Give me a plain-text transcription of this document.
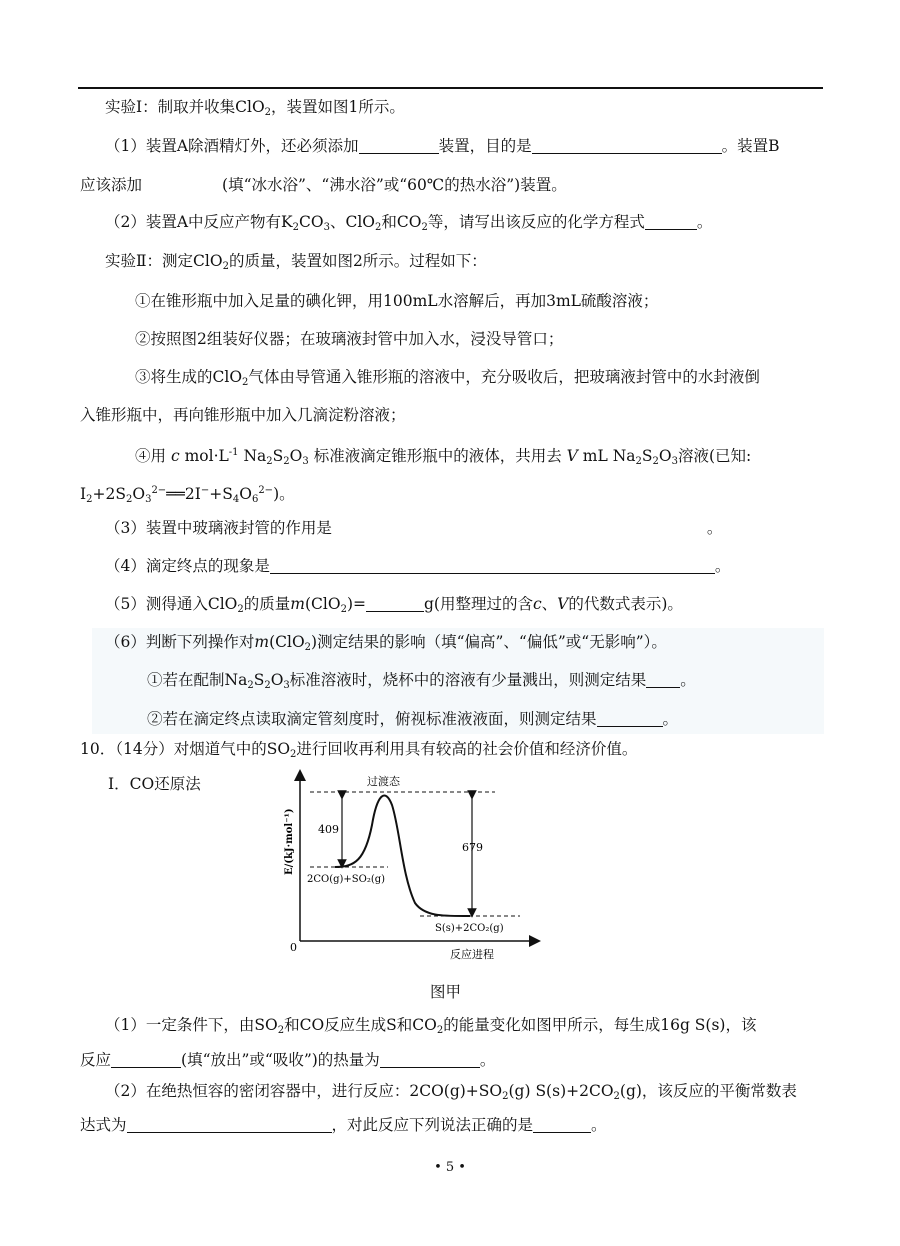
实验Ⅰ：制取并收集ClO$_2$，装置如图1所示。
（1）装置A除酒精灯外，还必须添加	装置，目的是	。装置B
应该添加	(填“冰水浴”、“沸水浴”或“60℃的热水浴”)装置。
（2）装置A中反应产物有$K_2CO_3$、ClO$_2$和$CO_2$等，请写出该反应的化学方程式	。
实验Ⅱ：测定ClO$_2$的质量，装置如图2所示。过程如下：
①在锥形瓶中加入足量的碘化钾，用100mL水溶解后，再加3mL硫酸溶液；
②按照图2组装好仪器；在玻璃液封管中加入水，浸没导管口；
③将生成的ClO$_2$气体由导管通入锥形瓶的溶液中，充分吸收后，把玻璃液封管中的水封液倒
入锥形瓶中，再向锥形瓶中加入几滴淀粉溶液；
④用 c $mol\cdot L^{-1}$ $Na_2S_2O_3$ 标准液滴定锥形瓶中的液体，共用去 V mL $Na_2S_2O_3$溶液(已知:
$I_2+2S_2O_3^{2-}══2I^-+S_4O_6^{2-}$)。
（3）装置中玻璃液封管的作用是	。
（4）滴定终点的现象是	。
（5）测得通入ClO$_2$的质量m(ClO$_2$)=	g(用整理过的含c、V的代数式表示)。
（6）判断下列操作对m(ClO$_2$)测定结果的影响（填“偏高”、“偏低”或“无影响”）。
①若在配制$Na_2S_2O_3$标准溶液时，烧杯中的溶液有少量溅出，则测定结果 。
②若在滴定终点读取滴定管刻度时，俯视标准液液面，则测定结果	。
10．（14分）对烟道气中的$SO_2$进行回收再利用具有较高的社会价值和经济价值。
Ⅰ．CO还原法
0
反应进程
E/(kJ·mol⁻¹) 409
679
过渡态
2CO(g)+SO₂(g)
S(s)+2CO₂(g)
图甲
（1）一定条件下，由$SO_2$和CO反应生成S和$CO_2$的能量变化如图甲所示，每生成16g S(s)，该
反应	(填“放出”或“吸收”)的热量为	。
（2）在绝热恒容的密闭容器中，进行反应：$2CO(g)+SO_2(g)$ $S(s)+2CO_2(g)$，该反应的平衡常数表
达式为	，对此反应下列说法正确的是	。
• 5 •
